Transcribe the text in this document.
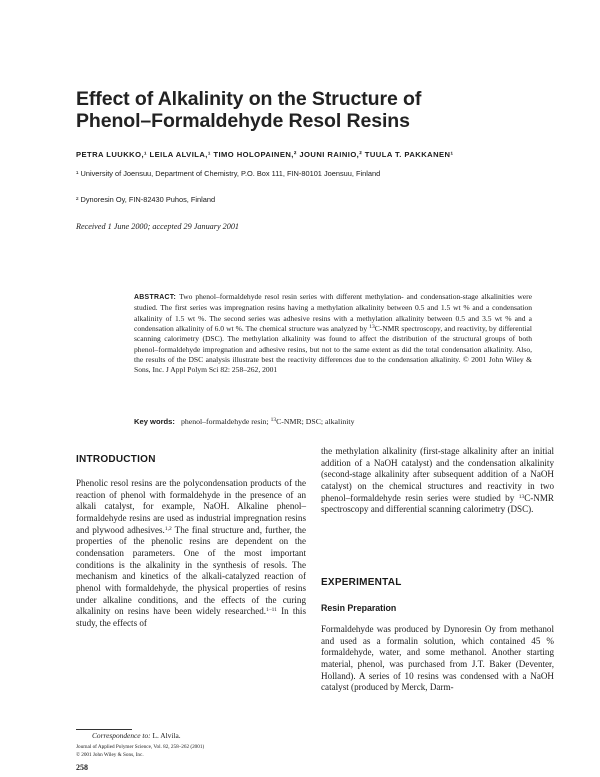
Effect of Alkalinity on the Structure of
Phenol–Formaldehyde Resol Resins
PETRA LUUKKO,¹ LEILA ALVILA,¹ TIMO HOLOPAINEN,² JOUNI RAINIO,² TUULA T. PAKKANEN¹
¹ University of Joensuu, Department of Chemistry, P.O. Box 111, FIN-80101 Joensuu, Finland
² Dynoresin Oy, FIN-82430 Puhos, Finland
Received 1 June 2000; accepted 29 January 2001
ABSTRACT: Two phenol–formaldehyde resol resin series with different methylation- and condensation-stage alkalinities were studied. The first series was impregnation resins having a methylation alkalinity between 0.5 and 1.5 wt % and a condensation alkalinity of 1.5 wt %. The second series was adhesive resins with a methylation alkalinity between 0.5 and 3.5 wt % and a condensation alkalinity of 6.0 wt %. The chemical structure was analyzed by $^{13}$C-NMR spectroscopy, and reactivity, by differential scanning calorimetry (DSC). The methylation alkalinity was found to affect the distribution of the structural groups of both phenol–formaldehyde impregnation and adhesive resins, but not to the same extent as did the total condensation alkalinity. Also, the results of the DSC analysis illustrate best the reactivity differences due to the condensation alkalinity. © 2001 John Wiley & Sons, Inc. J Appl Polym Sci 82: 258–262, 2001
Key words: phenol–formaldehyde resin; $^{13}$C-NMR; DSC; alkalinity
INTRODUCTION

Phenolic resol resins are the polycondensation products of the reaction of phenol with formaldehyde in the presence of an alkali catalyst, for example, NaOH. Alkaline phenol–formaldehyde resins are used as industrial impregnation resins and plywood adhesives.$^{1,2}$ The final structure and, further, the properties of the phenolic resins are dependent on the condensation parameters. One of the most important conditions is the alkalinity in the synthesis of resols. The mechanism and kinetics of the alkali-catalyzed reaction of phenol with formaldehyde, the physical properties of resins under alkaline conditions, and the effects of the curing alkalinity on resins have been widely researched.$^{1-11}$ In this study, the effects of

the methylation alkalinity (first-stage alkalinity after an initial addition of a NaOH catalyst) and the condensation alkalinity (second-stage alkalinity after subsequent addition of a NaOH catalyst) on the chemical structures and reactivity in two phenol–formaldehyde resin series were studied by $^{13}$C-NMR spectroscopy and differential scanning calorimetry (DSC).

EXPERIMENTAL
Resin Preparation

Formaldehyde was produced by Dynoresin Oy from methanol and used as a formalin solution, which contained 45 % formaldehyde, water, and some methanol. Another starting material, phenol, was purchased from J.T. Baker (Deventer, Holland). A series of 10 resins was condensed with a NaOH catalyst (produced by Merck, Darm-

Correspondence to: L. Alvila.
Journal of Applied Polymer Science, Vol. 82, 258–262 (2001)
© 2001 John Wiley & Sons, Inc.
258
